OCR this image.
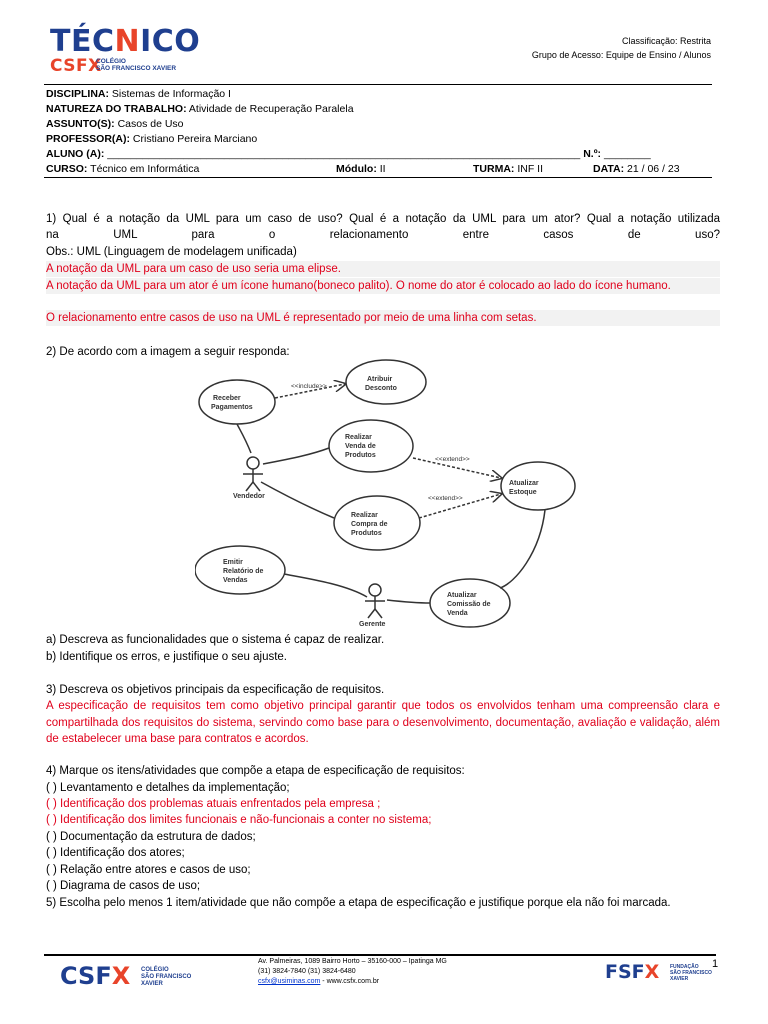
TÉCNICO
CSFX
COLÉGIO
SÃO FRANCISCO XAVIER
Classificação: Restrita
Grupo de Acesso: Equipe de Ensino / Alunos
DISCIPLINA: Sistemas de Informação I
NATUREZA DO TRABALHO: Atividade de Recuperação Paralela
ASSUNTO(S): Casos de Uso
PROFESSOR(A): Cristiano Pereira Marciano
ALUNO (A): _________________________________________________________________________________ N.º: ________
CURSO: Técnico em Informática	Módulo: II	TURMA: INF II	DATA: 21 / 06 / 23
1) Qual é a notação da UML para um caso de uso? Qual é a notação da UML para um ator? Qual a notação utilizada
na UML para o relacionamento entre casos de uso?
Obs.: UML (Linguagem de modelagem unificada)
A notação da UML para um caso de uso seria uma elipse.
A notação da UML para um ator é um ícone humano(boneco palito). O nome do ator é colocado ao lado do ícone humano.
O relacionamento entre casos de uso na UML é representado por meio de uma linha com setas.
2) De acordo com a imagem a seguir responda:
Receber
Pagamentos
Atribuir
Desconto
Realizar
Venda de
Produtos
Atualizar
Estoque
Realizar
Compra de
Produtos
Emitir
Relatório de
Vendas
Atualizar
Comissão de
Venda
Vendedor
Gerente
<<include>>
<<extend>>
<<extend>>
a) Descreva as funcionalidades que o sistema é capaz de realizar.
b) Identifique os erros, e justifique o seu ajuste.
3) Descreva os objetivos principais da especificação de requisitos.
A especificação de requisitos tem como objetivo principal garantir que todos os envolvidos tenham uma compreensão clara e compartilhada dos requisitos do sistema, servindo como base para o desenvolvimento, documentação, avaliação e validação, além de estabelecer uma base para contratos e acordos.
4) Marque os itens/atividades que compõe a etapa de especificação de requisitos:
( ) Levantamento e detalhes da implementação;
( ) Identificação dos problemas atuais enfrentados pela empresa ;
( ) Identificação dos limites funcionais e não-funcionais a conter no sistema;
( ) Documentação da estrutura de dados;
( ) Identificação dos atores;
( ) Relação entre atores e casos de uso;
( ) Diagrama de casos de uso;
5) Escolha pelo menos 1 item/atividade que não compõe a etapa de especificação e justifique porque ela não foi marcada.
CSFX COLÉGIO
SÃO FRANCISCO
XAVIER
Av. Palmeiras, 1089 Bairro Horto – 35160-000 – Ipatinga MG
(31) 3824-7840 (31) 3824-6480
csfx@usiminas.com - www.csfx.com.br	FSFX FUNDAÇÃO
SÃO FRANCISCO
XAVIER
1
